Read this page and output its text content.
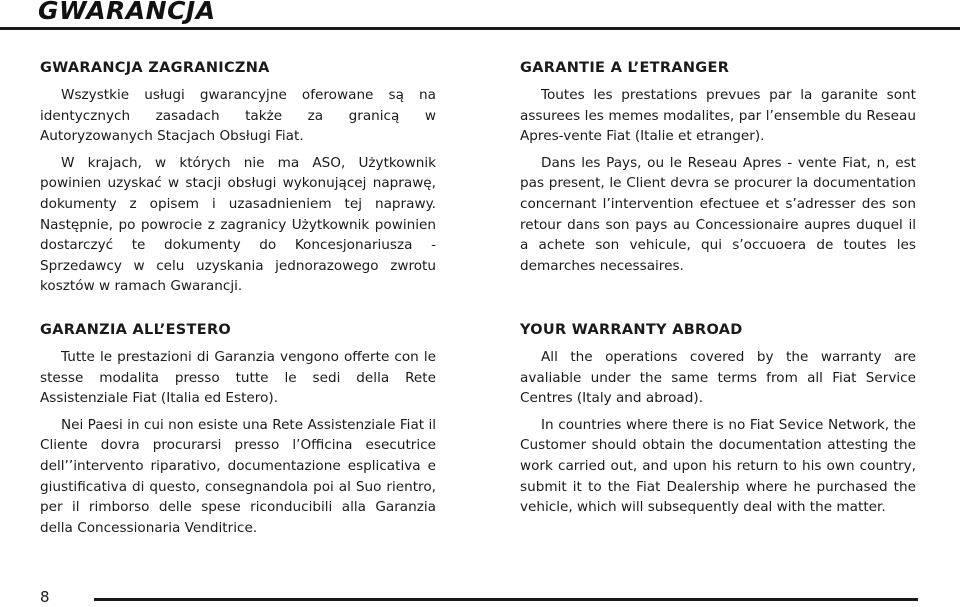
GWARANCJA
GWARANCJA ZAGRANICZNA

Wszystkie usługi gwarancyjne oferowane są na identycznych zasadach także za granicą w Autoryzowanych Stacjach Obsługi Fiat.

W krajach, w których nie ma ASO, Użytkownik powinien uzyskać w stacji obsługi wykonującej naprawę, dokumenty z opisem i uzasadnieniem tej naprawy. Następnie, po powrocie z zagranicy Użytkownik powinien dostarczyć te dokumenty do Koncesjonariusza - Sprzedawcy w celu uzyskania jednorazowego zwrotu kosztów w ramach Gwarancji.

GARANTIE A L’ETRANGER

Toutes les prestations prevues par la garanite sont assurees les memes modalites, par l’ensemble du Reseau Apres-vente Fiat (Italie et etranger).

Dans les Pays, ou le Reseau Apres - vente Fiat, n, est pas present, le Client devra se procurer la documentation concernant l’intervention efectuee et s’adresser des son retour dans son pays au Concessionaire aupres duquel il a achete son vehicule, qui s’occuoera de toutes les demarches necessaires.

GARANZIA ALL’ESTERO

Tutte le prestazioni di Garanzia vengono offerte con le stesse modalita presso tutte le sedi della Rete Assistenziale Fiat (Italia ed Estero).

Nei Paesi in cui non esiste una Rete Assistenziale Fiat il Cliente dovra procurarsi presso l’Officina esecutrice dell’’intervento riparativo, documentazione esplicativa e giustificativa di questo, consegnandola poi al Suo rientro, per il rimborso delle spese riconducibili alla Garanzia della Concessionaria Venditrice.

YOUR WARRANTY ABROAD

All the operations covered by the warranty are avaliable under the same terms from all Fiat Service Centres (Italy and abroad).

In countries where there is no Fiat Sevice Network, the Customer should obtain the documentation attesting the work carried out, and upon his return to his own country, submit it to the Fiat Dealership where he purchased the vehicle, which will subsequently deal with the matter.

8
